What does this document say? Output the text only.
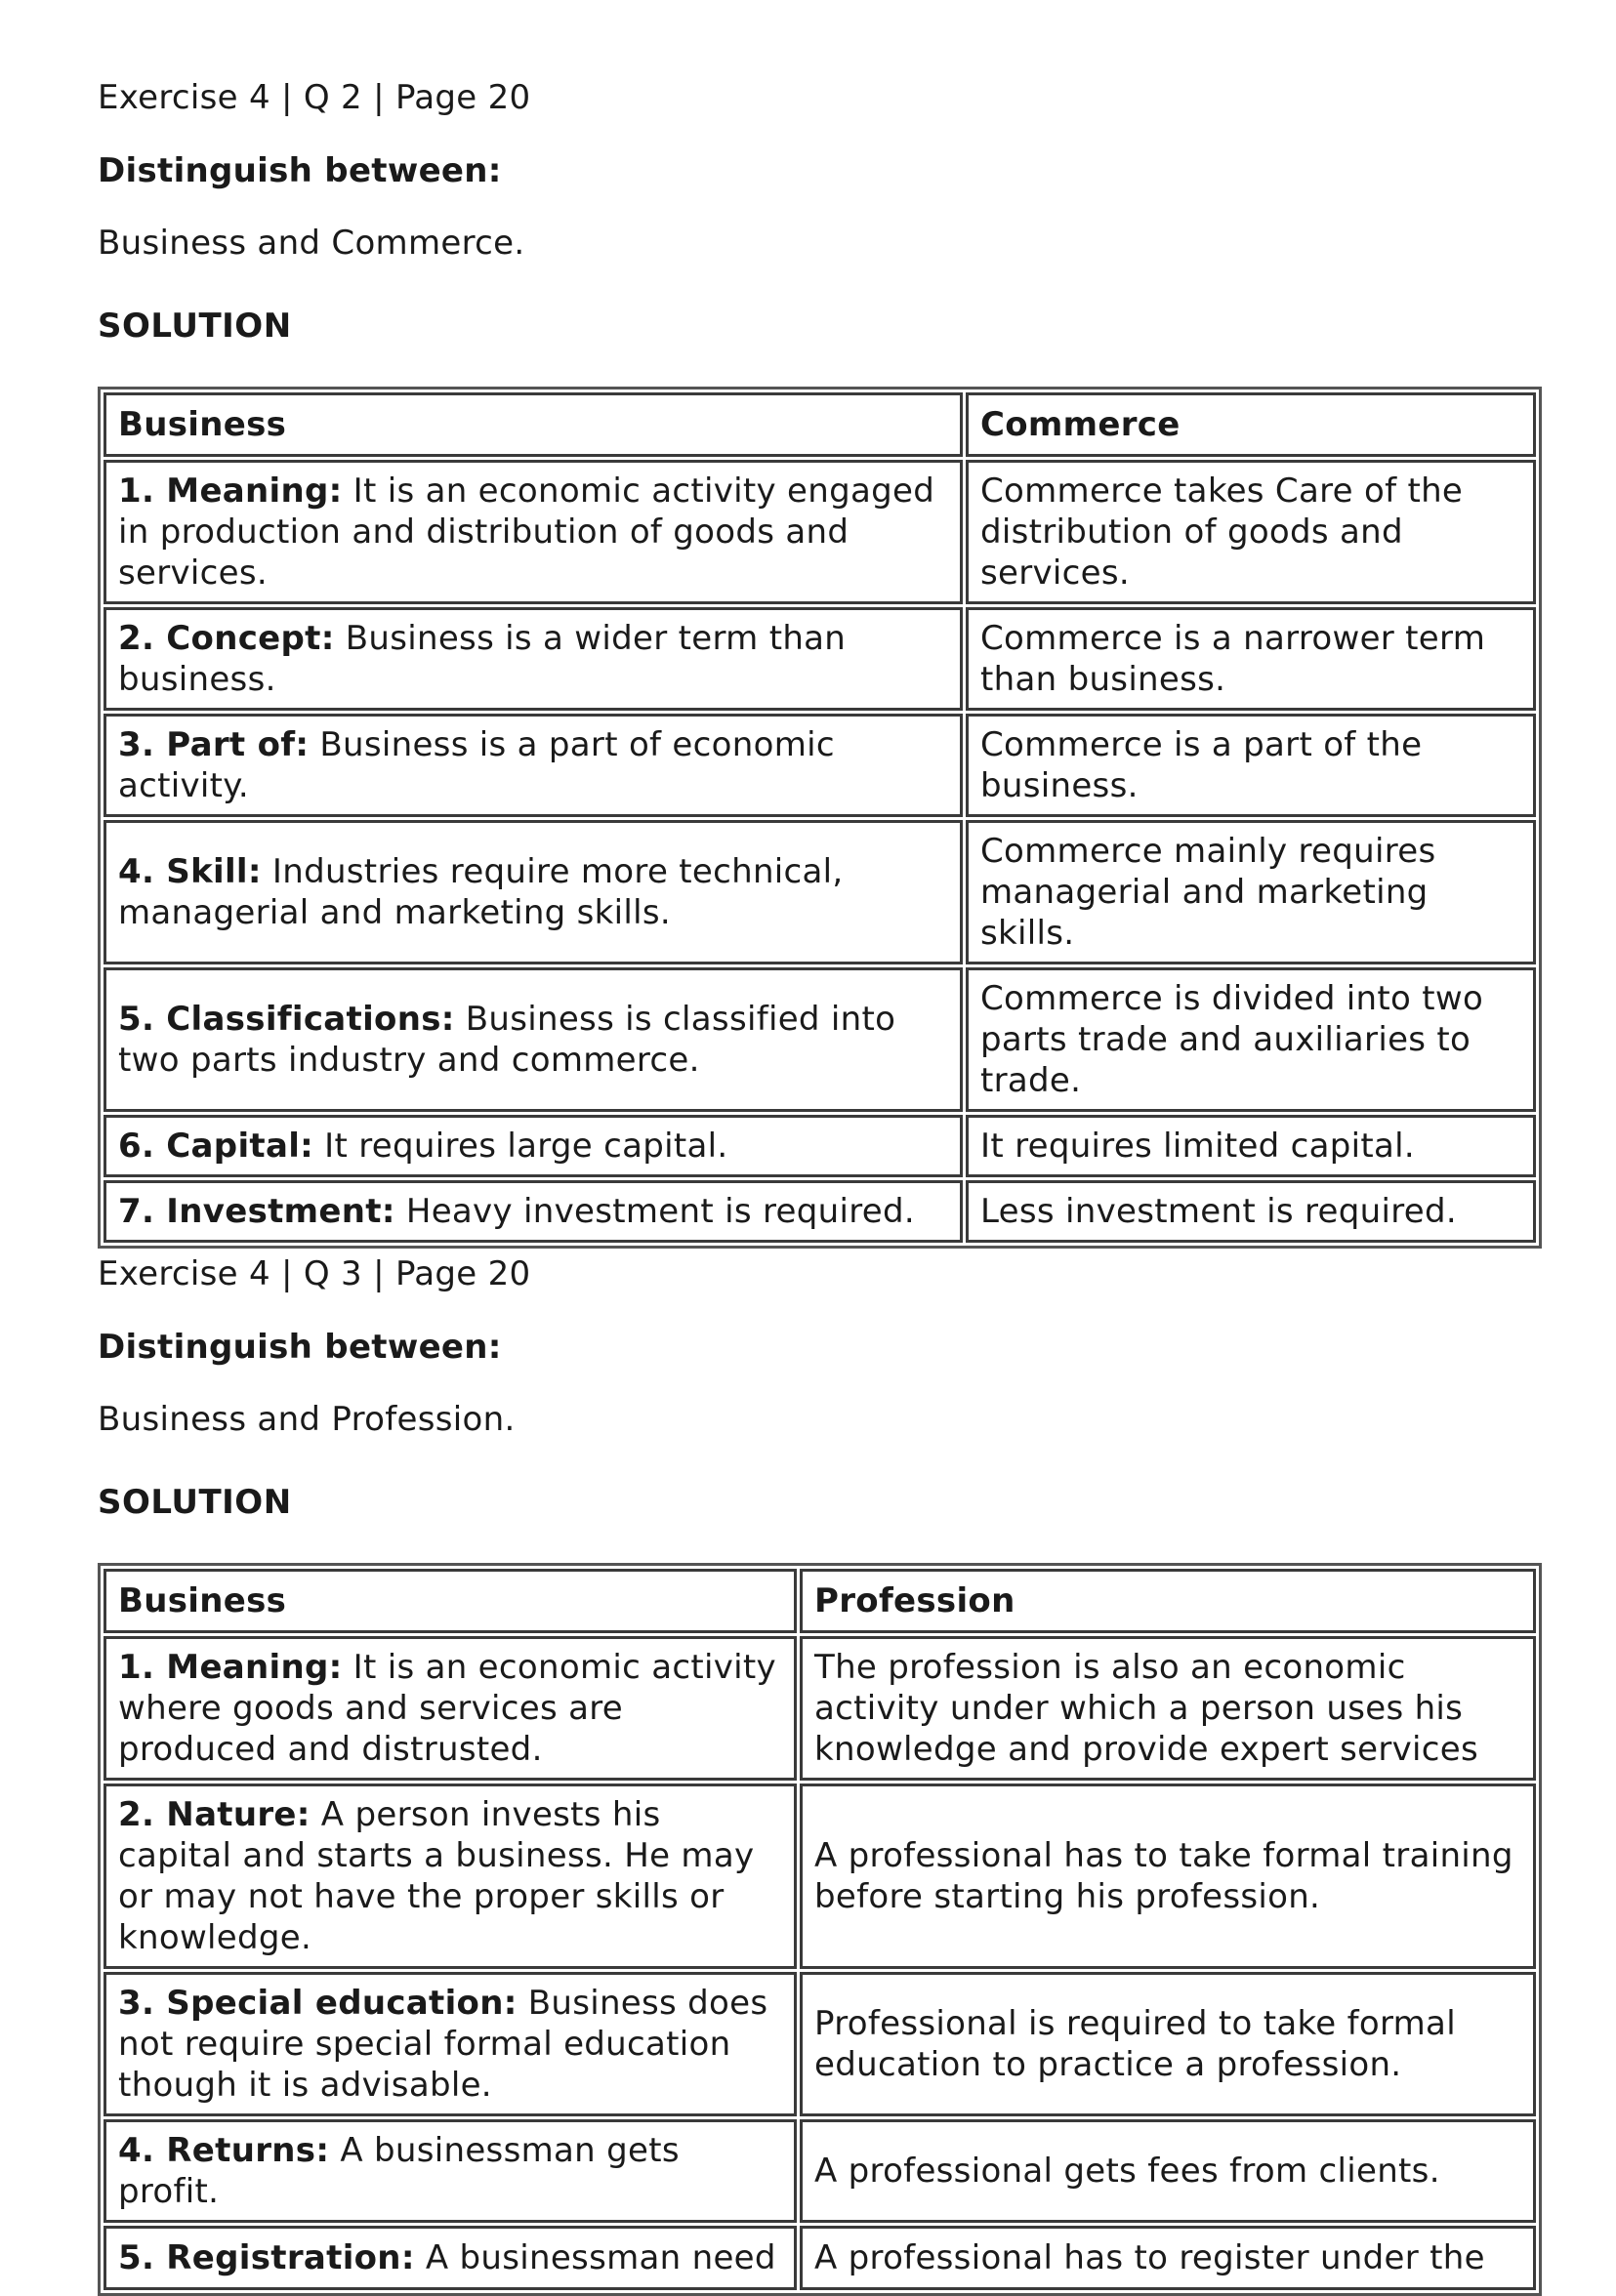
Exercise 4 | Q 2 | Page 20

Distinguish between:

Business and Commerce.

SOLUTION

Business	Commerce
1. Meaning: It is an economic activity engaged in production and distribution of goods and services.	Commerce takes Care of the distribution of goods and services.
2. Concept: Business is a wider term than business.	Commerce is a narrower term than business.
3. Part of: Business is a part of economic activity.	Commerce is a part of the business.
4. Skill: Industries require more technical, managerial and marketing skills.	Commerce mainly requires managerial and marketing skills.
5. Classifications: Business is classified into two parts industry and commerce.	Commerce is divided into two parts trade and auxiliaries to trade.
6. Capital: It requires large capital.	It requires limited capital.
7. Investment: Heavy investment is required.	Less investment is required.

Exercise 4 | Q 3 | Page 20

Distinguish between:

Business and Profession.

SOLUTION

Business	Profession
1. Meaning: It is an economic activity where goods and services are produced and distrusted.	The profession is also an economic activity under which a person uses his knowledge and provide expert services
2. Nature: A person invests his capital and starts a business. He may or may not have the proper skills or knowledge.	A professional has to take formal training before starting his profession.
3. Special education: Business does not require special formal education though it is advisable.	Professional is required to take formal education to practice a profession.
4. Returns: A businessman gets profit.	A professional gets fees from clients.
5. Registration: A businessman need	A professional has to register under the
